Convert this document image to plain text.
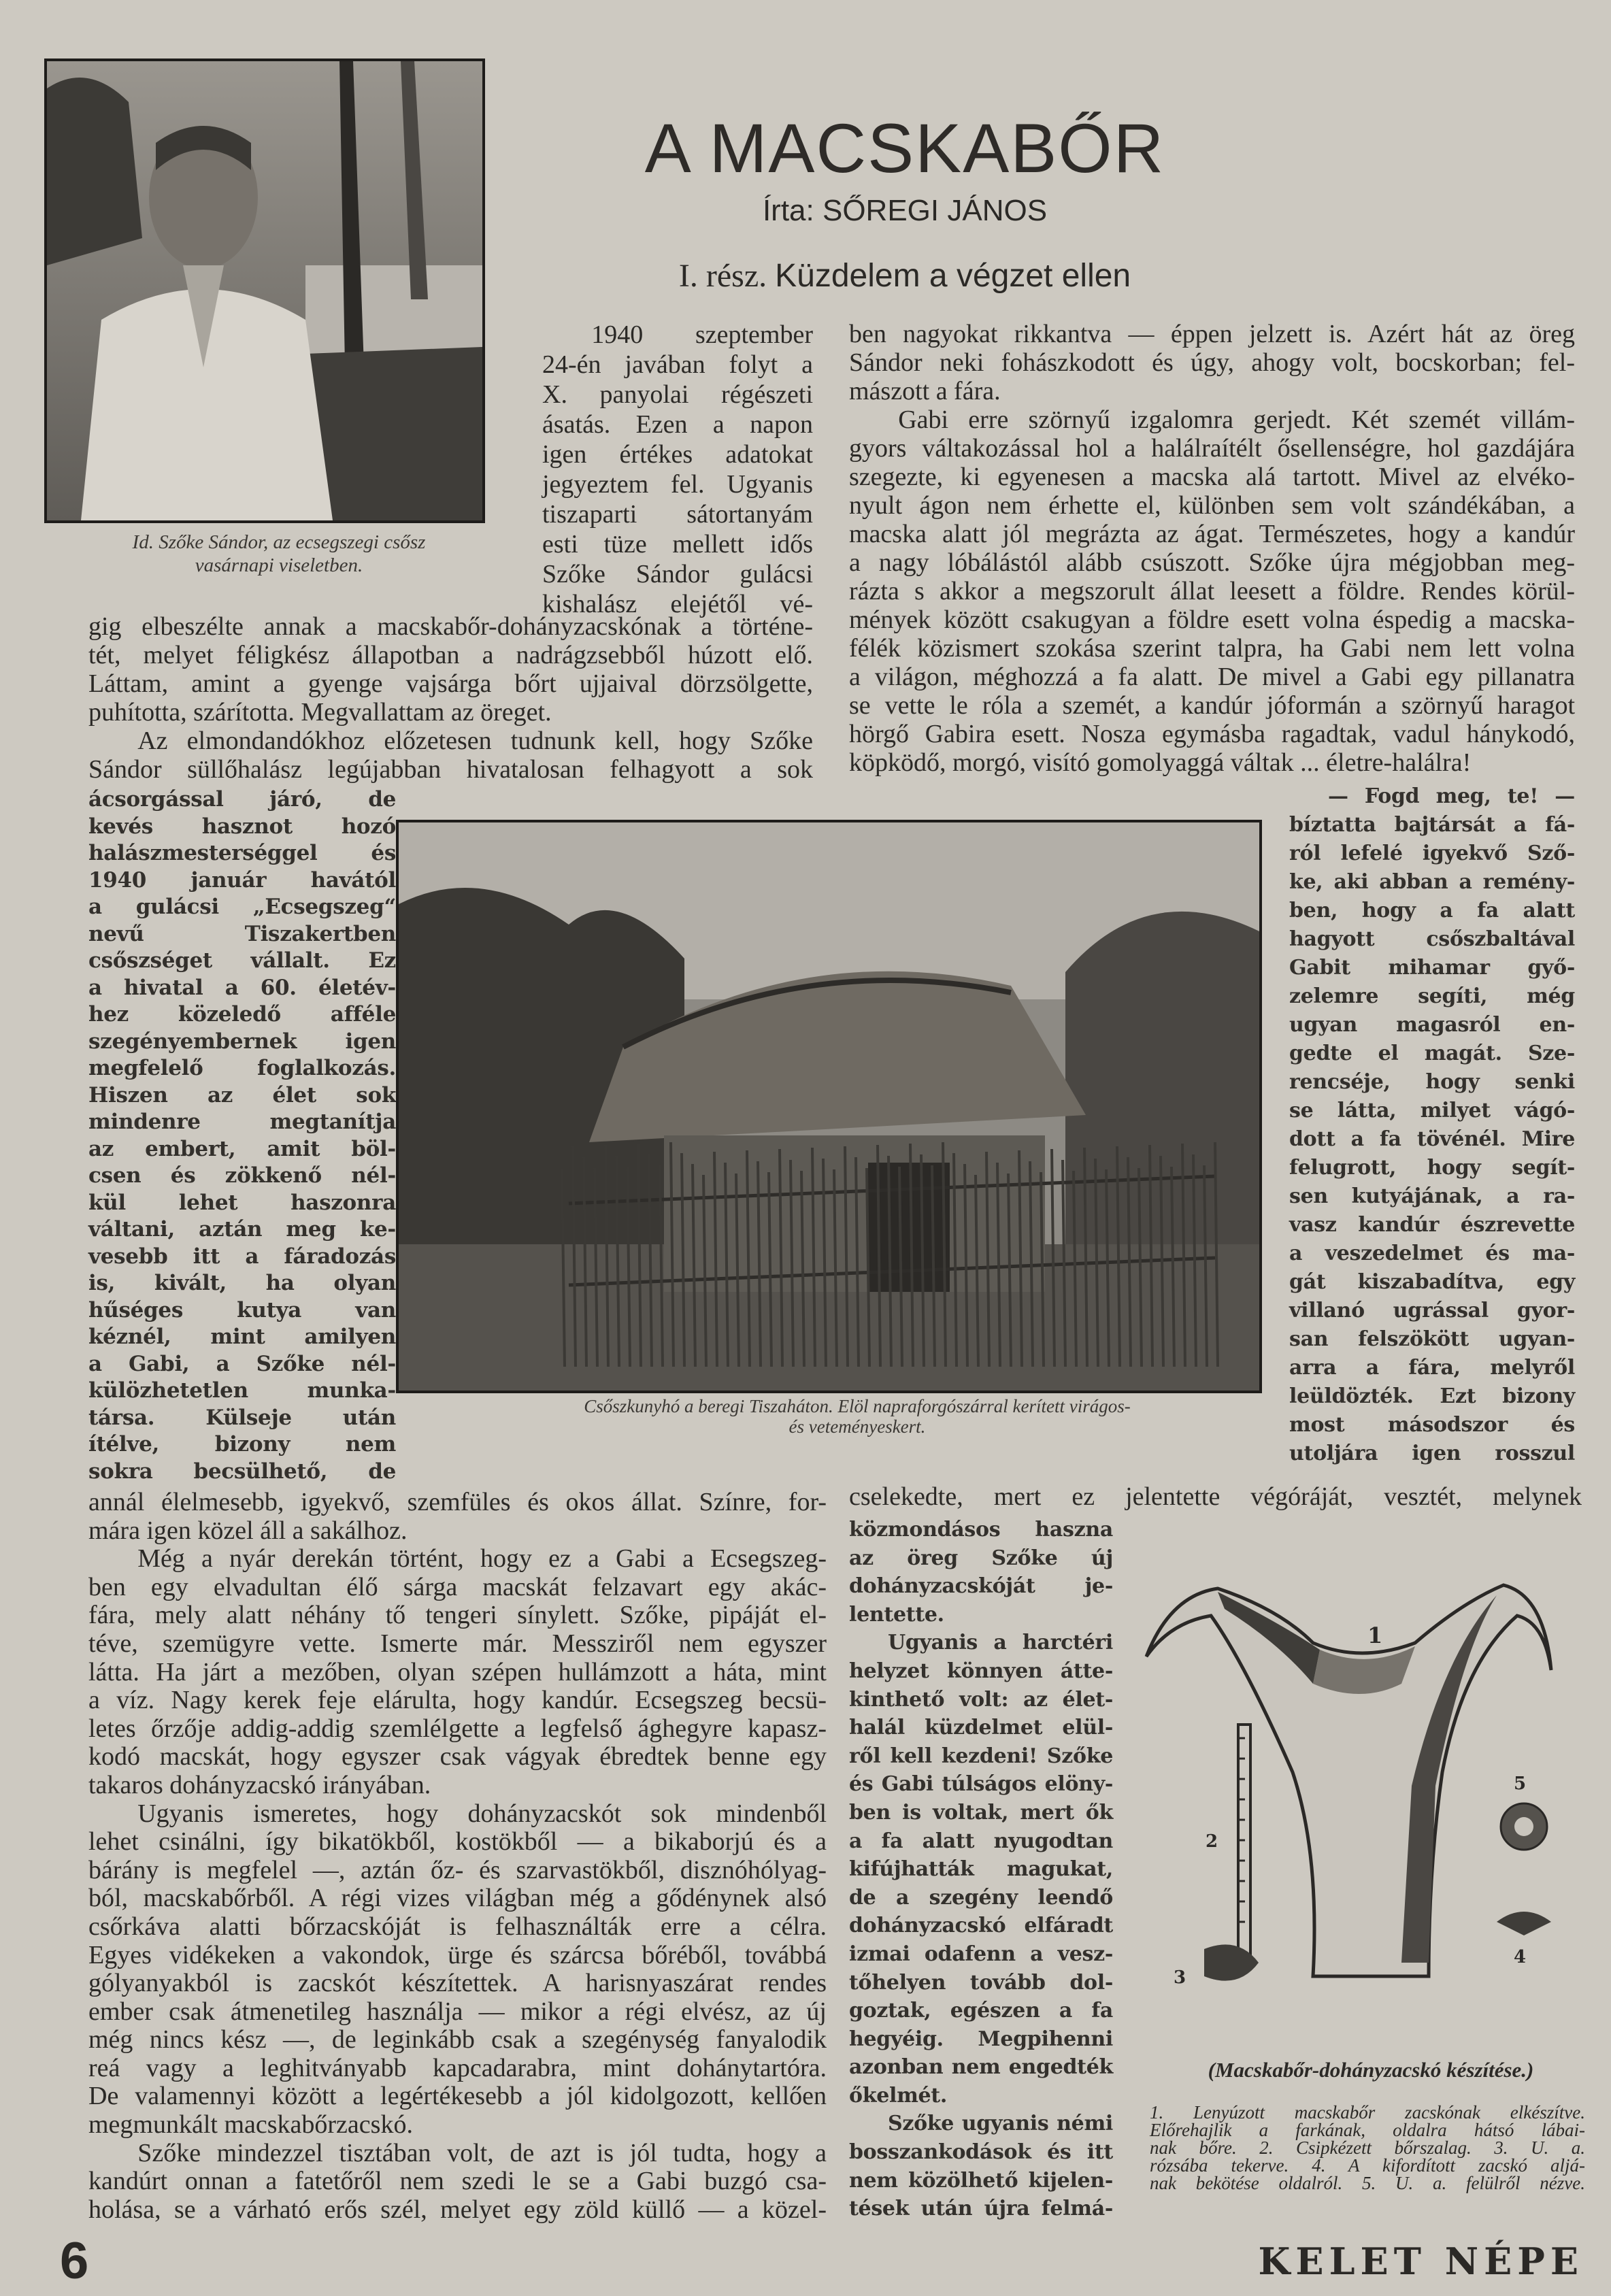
A MACSKABŐR
Írta: SŐREGI JÁNOS
I. rész. Küzdelem a végzet ellen
Id. Szőke Sándor, az ecsegszegi csősz
vasárnapi viseletben.
1940 szeptember
24-én javában folyt a
X. panyolai régészeti
ásatás. Ezen a napon
igen értékes adatokat
jegyeztem fel. Ugyanis
tiszaparti sátortanyám
esti tüze mellett idős
Szőke Sándor gulácsi
kishalász elejétől vé-
gig elbeszélte annak a macskabőr-dohányzacskónak a történe-
tét, melyet féligkész állapotban a nadrágzsebből húzott elő.
Láttam, amint a gyenge vajsárga bőrt ujjaival dörzsölgette,
puhította, szárította. Megvallattam az öreget.
Az elmondandókhoz előzetesen tudnunk kell, hogy Szőke
Sándor süllőhalász legújabban hivatalosan felhagyott a sok
ácsorgással járó, de
kevés hasznot hozó
halászmesterséggel és
1940 január havától
a gulácsi „Ecsegszeg“
nevű Tiszakertben
csőszséget vállalt. Ez
a hivatal a 60. életév-
hez közeledő afféle
szegényembernek igen
megfelelő foglalkozás.
Hiszen az élet sok
mindenre megtanítja
az embert, amit böl-
csen és zökkenő nél-
kül lehet haszonra
váltani, aztán meg ke-
vesebb itt a fáradozás
is, kivált, ha olyan
hűséges kutya van
kéznél, mint amilyen
a Gabi, a Szőke nél-
külözhetetlen munka-
társa. Külseje után
ítélve, bizony nem
sokra becsülhető, de
ben nagyokat rikkantva — éppen jelzett is. Azért hát az öreg
Sándor neki fohászkodott és úgy, ahogy volt, bocskorban; fel-
mászott a fára.
Gabi erre szörnyű izgalomra gerjedt. Két szemét villám-
gyors váltakozással hol a halálraítélt ősellenségre, hol gazdájára
szegezte, ki egyenesen a macska alá tartott. Mivel az elvéko-
nyult ágon nem érhette el, különben sem volt szándékában, a
macska alatt jól megrázta az ágat. Természetes, hogy a kandúr
a nagy lóbálástól alább csúszott. Szőke újra mégjobban meg-
rázta s akkor a megszorult állat leesett a földre. Rendes körül-
mények között csakugyan a földre esett volna éspedig a macska-
félék közismert szokása szerint talpra, ha Gabi nem lett volna
a világon, méghozzá a fa alatt. De mivel a Gabi egy pillanatra
se vette le róla a szemét, a kandúr jóformán a szörnyű haragot
hörgő Gabira esett. Nosza egymásba ragadtak, vadul hánykodó,
köpködő, morgó, visító gomolyaggá váltak ... életre-halálra!
— Fogd meg, te! —
bíztatta bajtársát a fá-
ról lefelé igyekvő Sző-
ke, aki abban a remény-
ben, hogy a fa alatt
hagyott csőszbaltával
Gabit mihamar győ-
zelemre segíti, még
ugyan magasról en-
gedte el magát. Sze-
rencséje, hogy senki
se látta, milyet vágó-
dott a fa tövénél. Mire
felugrott, hogy segít-
sen kutyájának, a ra-
vasz kandúr észrevette
a veszedelmet és ma-
gát kiszabadítva, egy
villanó ugrással gyor-
san felszökött ugyan-
arra a fára, melyről
leüldözték. Ezt bizony
most másodszor és
utoljára igen rosszul
annál élelmesebb, igyekvő, szemfüles és okos állat. Színre, for-
mára igen közel áll a sakálhoz.
Még a nyár derekán történt, hogy ez a Gabi a Ecsegszeg-
ben egy elvadultan élő sárga macskát felzavart egy akác-
fára, mely alatt néhány tő tengeri sínylett. Szőke, pipáját el-
téve, szemügyre vette. Ismerte már. Messziről nem egyszer
látta. Ha járt a mezőben, olyan szépen hullámzott a háta, mint
a víz. Nagy kerek feje elárulta, hogy kandúr. Ecsegszeg becsü-
letes őrzője addig-addig szemlélgette a legfelső ághegyre kapasz-
kodó macskát, hogy egyszer csak vágyak ébredtek benne egy
takaros dohányzacskó irányában.
Ugyanis ismeretes, hogy dohányzacskót sok mindenből
lehet csinálni, így bikatökből, kostökből — a bikaborjú és a
bárány is megfelel —, aztán őz- és szarvastökből, disznóhólyag-
ból, macskabőrből. A régi vizes világban még a gődénynek alsó
csőrkáva alatti bőrzacskóját is felhasználták erre a célra.
Egyes vidékeken a vakondok, ürge és szárcsa bőréből, továbbá
gólyanyakból is zacskót készítettek. A harisnyaszárat rendes
ember csak átmenetileg használja — mikor a régi elvész, az új
még nincs kész —, de leginkább csak a szegénység fanyalodik
reá vagy a leghitványabb kapcadarabra, mint dohánytartóra.
De valamennyi között a legértékesebb a jól kidolgozott, kellően
megmunkált macskabőrzacskó.
Szőke mindezzel tisztában volt, de azt is jól tudta, hogy a
kandúrt onnan a fatetőről nem szedi le se a Gabi buzgó csa-
holása, se a várható erős szél, melyet egy zöld küllő — a közel-
cselekedte, mert ez jelentette végóráját, vesztét, melynek
közmondásos haszna
az öreg Szőke új
dohányzacskóját je-
lentette.
Ugyanis a harctéri
helyzet könnyen átte-
kinthető volt: az élet-
halál küzdelmet elül-
ről kell kezdeni! Szőke
és Gabi túlságos elöny-
ben is voltak, mert ők
a fa alatt nyugodtan
kifújhatták magukat,
de a szegény leendő
dohányzacskó elfáradt
izmai odafenn a vesz-
tőhelyen tovább dol-
goztak, egészen a fa
hegyéig. Megpihenni
azonban nem engedték
őkelmét.
Szőke ugyanis némi
bosszankodások és itt
nem közölhető kijelen-
tések után újra felmá-
Csőszkunyhó a beregi Tiszaháton. Elöl napraforgószárral kerített virágos-
és veteményeskert.
1
2
3
4
5
(Macskabőr-dohányzacskó készítése.)
1. Lenyúzott macskabőr zacskónak elkészítve.
Előrehajlik a farkának, oldalra hátsó lábai-
nak bőre. 2. Csipkézett bőrszalag. 3. U. a.
rózsába tekerve. 4. A kifordított zacskó aljá-
nak bekötése oldalról. 5. U. a. felülről nézve.
6	KELET NÉPE
